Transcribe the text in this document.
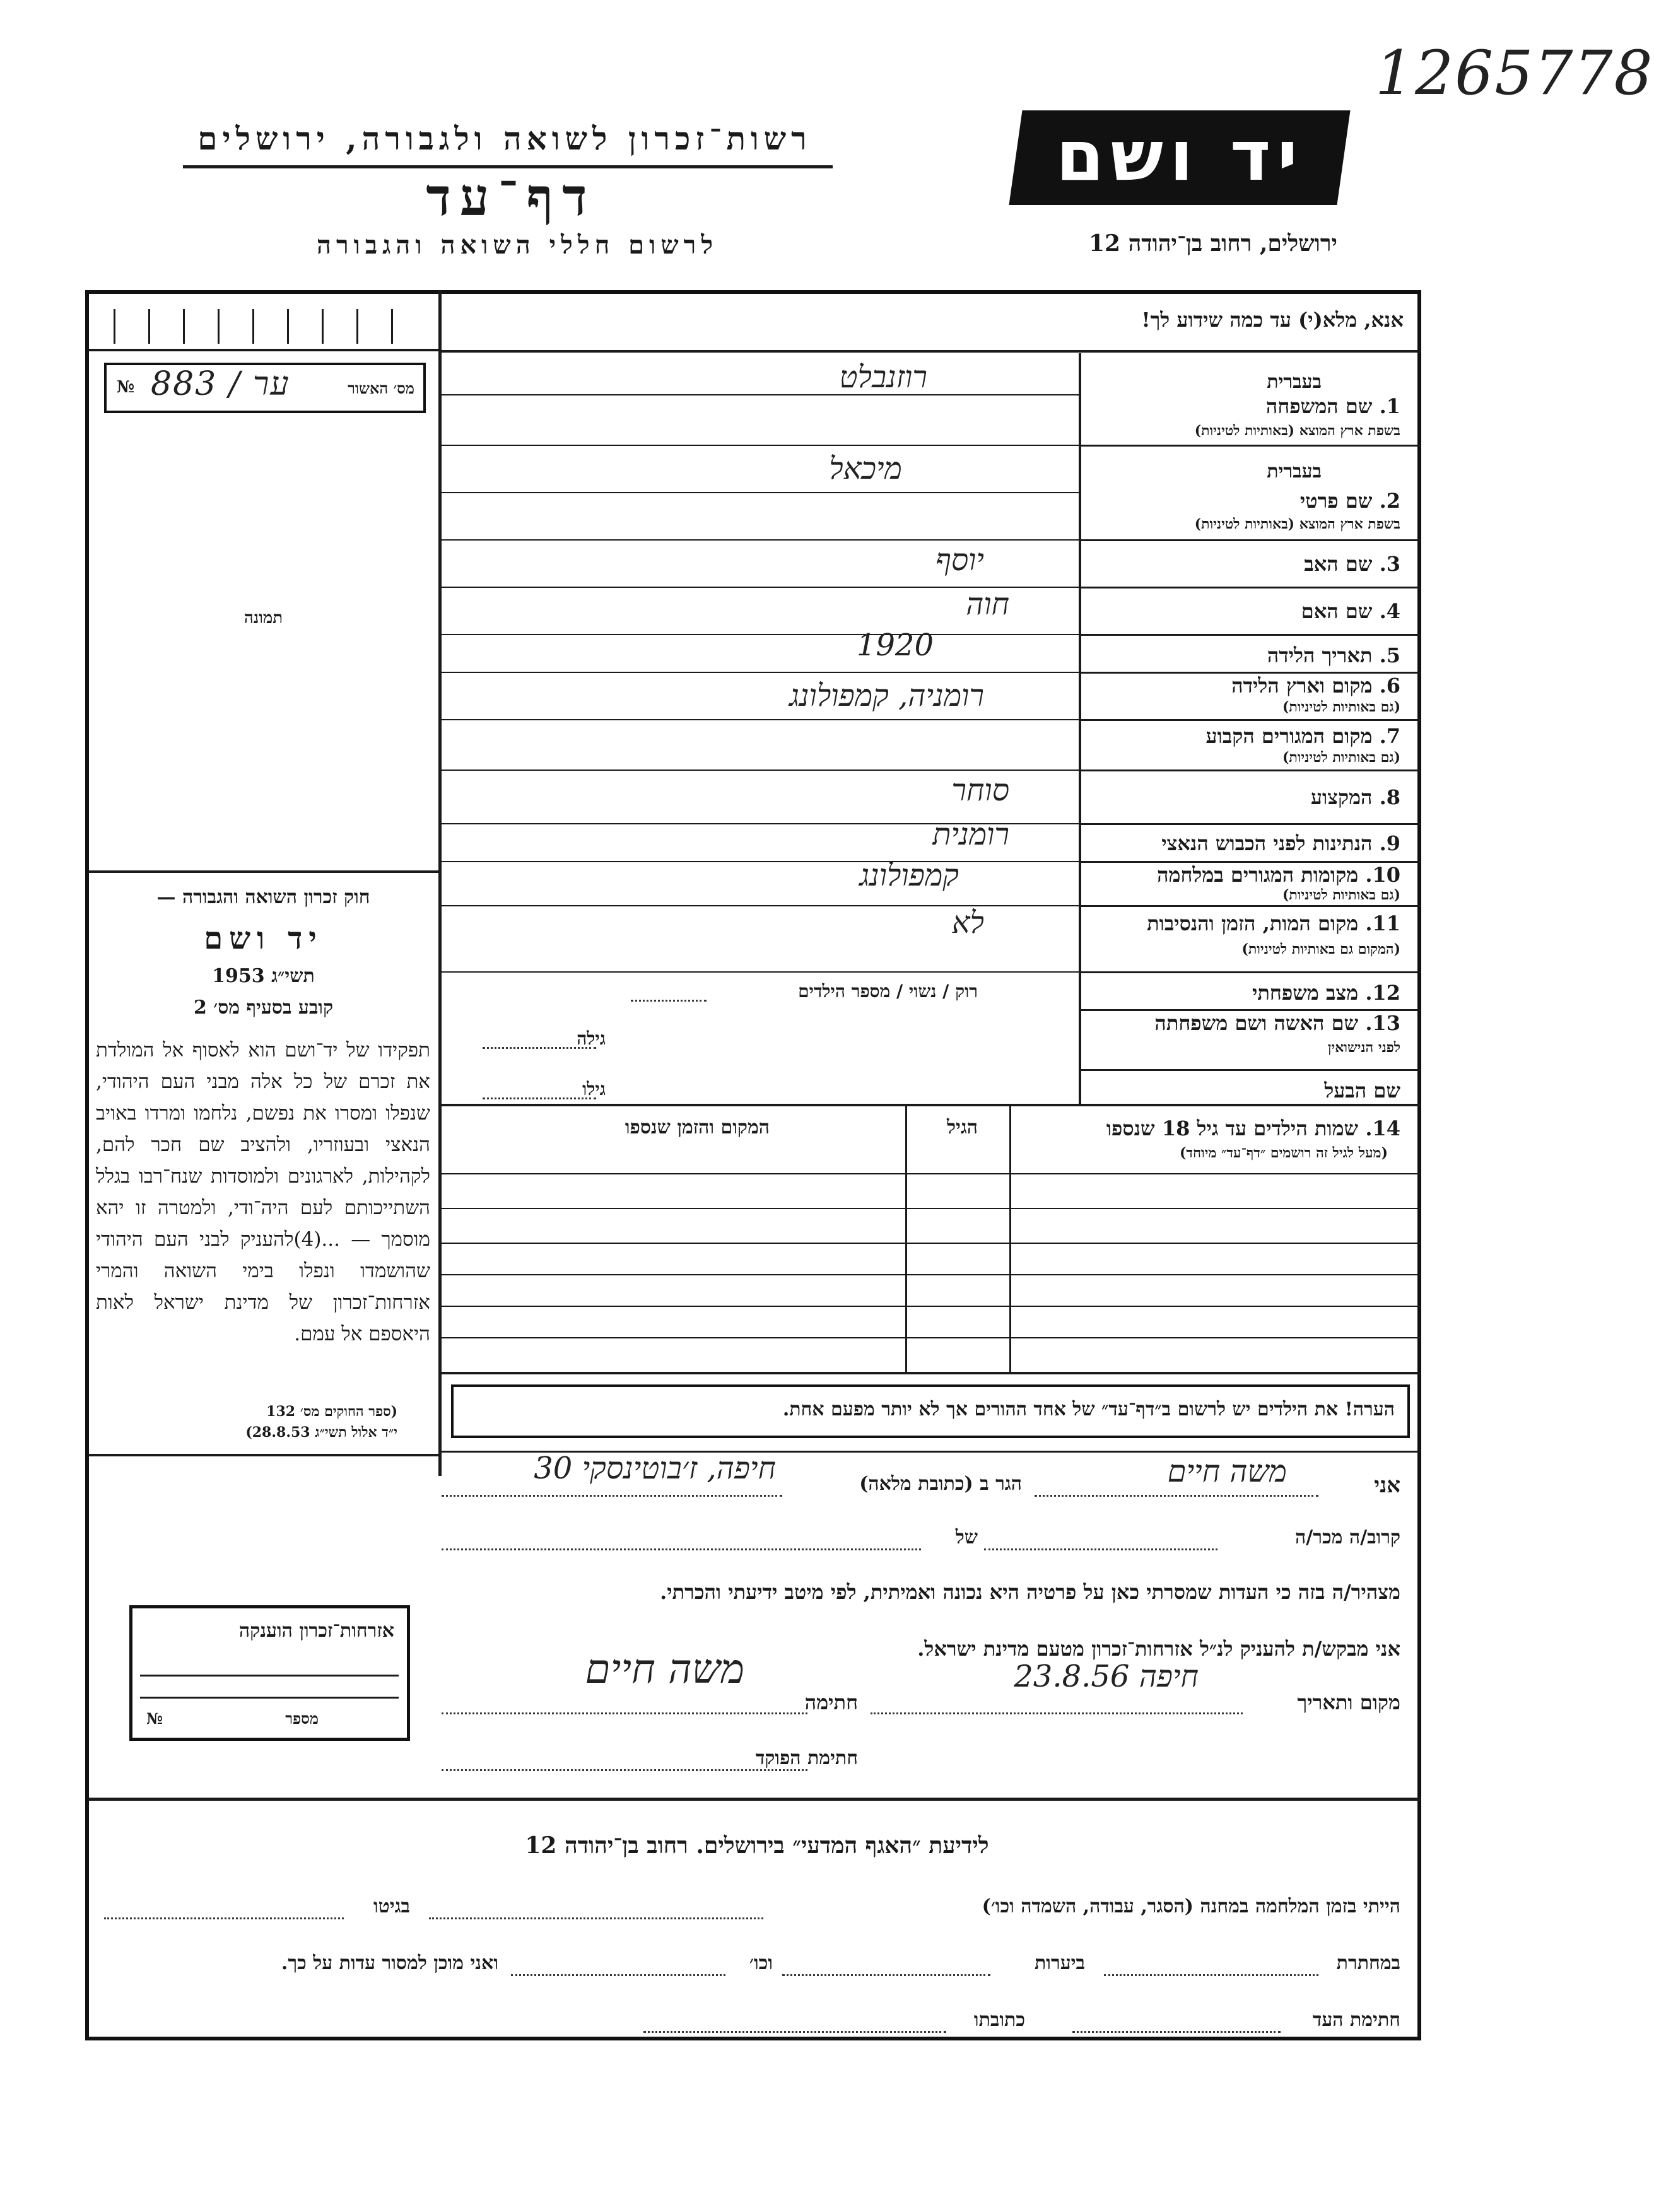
1265778
יד ושם
רשות־זכרון לשואה ולגבורה, ירושלים
דף־עד
לרשום חללי השואה והגבורה	ירושלים, רחוב בן־יהודה 12
אנא, מלא(י) עד כמה שידוע לך!
№ 883 / ער	מס׳ האשור
תמונה
חוק זכרון השואה והגבורה —
יד ושם
תשי״ג 1953
קובע בסעיף מס׳ 2
תפקידו של יד־ושם הוא לאסוף אל המולדת את זכרם של כל אלה מבני העם היהודי, שנפלו ומסרו את נפשם, נלחמו ומרדו באויב הנאצי ובעוזריו, ולהציב שם חכר להם, לקהילות, לארגונים ולמוסדות שנח־רבו בגלל השתייכותם לעם היה־ודי, ולמטרה זו יהא מוסמך — ...(4)להעניק לבני העם היהודי שהושמדו ונפלו בימי השואה והמרי אזרחות־זכרון של מדינת ישראל לאות היאספם אל עמם.
(ספר החוקים מס׳ 132
י״ד אלול תשי״ג 28.8.53)
אזרחות־זכרון הוענקה
מספר
№
בעברית
1. שם המשפחה
בשפת ארץ המוצא (באותיות לטיניות)
בעברית
2. שם פרטי
בשפת ארץ המוצא (באותיות לטיניות)
3. שם האב
4. שם האם
5. תאריך הלידה
6. מקום וארץ הלידה
(גם באותיות לטיניות)
7. מקום המגורים הקבוע
(גם באותיות לטיניות)
8. המקצוע
9. הנתינות לפני הכבוש הנאצי
10. מקומות המגורים במלחמה
(גם באותיות לטיניות)
11. מקום המות, הזמן והנסיבות
(המקום גם באותיות לטיניות)
12. מצב משפחתי
13. שם האשה ושם משפחתה
לפני הנישואין
שם הבעל
רוזנבלט
מיכאל
יוסף
חוה
1920
רומניה, קמפולונג
סוחר
רומנית
קמפולונג
לא
רוק / נשוי / מספר הילדים
גילה
גילו
14. שמות הילדים עד גיל 18 שנספו
(מעל לגיל זה רושמים ״דף־עד״ מיוחד)
הגיל
המקום והזמן שנספו
הערה! את הילדים יש לרשום ב״דף־עד״ של אחד ההורים אך לא יותר מפעם אחת.
אני
משה חיים
הגר ב (כתובת מלאה)
חיפה, ז׳בוטינסקי 30
קרוב/ה מכר/ה
של
מצהיר/ה בזה כי העדות שמסרתי כאן על פרטיה היא נכונה ואמיתית, לפי מיטב ידיעתי והכרתי.
אני מבקש/ת להעניק לנ״ל אזרחות־זכרון מטעם מדינת ישראל.
מקום ותאריך
חיפה 23.8.56
חתימה
משה חיים
חתימת הפוקד
לידיעת ״האגף המדעי״ בירושלים. רחוב בן־יהודה 12
הייתי בזמן המלחמה במחנה (הסגר, עבודה, השמדה וכו׳)
בגיטו
במחתרת
ביערות
וכו׳
ואני מוכן למסור עדות על כך.
חתימת העד
כתובתו
